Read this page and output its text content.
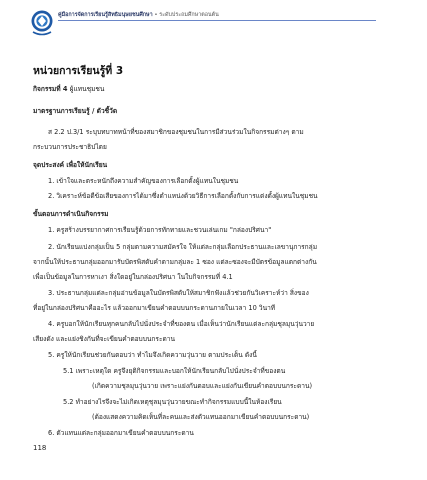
คู่มือการจัดการเรียนรู้สิทธิมนุษยชนศึกษา • ระดับประถมศึกษาตอนต้น
หน่วยการเรียนรู้ที่ 3
กิจกรรมที่ 4 ผู้แทนชุมชน
มาตรฐานการเรียนรู้ / ตัวชี้วัด
ส 2.2 ป.3/1 ระบุบทบาทหน้าที่ของสมาชิกของชุมชนในการมีส่วนร่วมในกิจกรรมต่างๆ ตาม
กระบวนการประชาธิปไตย
จุดประสงค์ เพื่อให้นักเรียน
1. เข้าใจและตระหนักถึงความสำคัญของการเลือกตั้งผู้แทนในชุมชน
2. วิเคราะห์ข้อดีข้อเสียของการได้มาซึ่งตำแหน่งด้วยวิธีการเลือกตั้งกับการแต่งตั้งผู้แทนในชุมชน
ขั้นตอนการดำเนินกิจกรรม
1. ครูสร้างบรรยากาศการเรียนรู้ด้วยการทักทายและชวนเล่นเกม "กล่องปริศนา"
2. นักเรียนแบ่งกลุ่มเป็น 5 กลุ่มตามความสมัครใจ ให้แต่ละกลุ่มเลือกประธานและเลขานุการกลุ่ม
จากนั้นให้ประธานกลุ่มออกมารับบัตรพิสดับคำตามกลุ่มละ 1 ซอง แต่ละซองจะมีบัตรข้อมูลแตกต่างกัน
เพื่อเป็นข้อมูลในการหาเงา สิ่งใดอยู่ในกล่องปริศนา ในใบกิจกรรมที่ 4.1
3. ประธานกลุ่มแต่ละกลุ่มอ่านข้อมูลในบัตรพิสดับให้สมาชิกฟังแล้วช่วยกันวิเคราะห์ว่า สิ่งของ
ที่อยู่ในกล่องปริศนาคืออะไร แล้วออกมาเขียนคำตอบบนกระดานภายในเวลา 10 วินาที
4. ครูบอกให้นักเรียนทุกคนกลับไปนั่งประจำที่ของตน เมื่อเห็นว่านักเรียนแต่ละกลุ่มชุลมุนวุ่นวาย
เสียงดัง และแย่งชิงกันที่จะเขียนคำตอบบนกระดาน
5. ครูให้นักเรียนช่วยกันตอบว่า ทำไมจึงเกิดความวุ่นวาย ตามประเด็น ดังนี้
5.1 เพราะเหตุใด ครูจึงยุติกิจกรรมและบอกให้นักเรียนกลับไปนั่งประจำที่ของตน
(เกิดความชุลมุนวุ่นวาย เพราะแย่งกันตอบและแย่งกันเขียนคำตอบบนกระดาน)
5.2 ทำอย่างไรจึงจะไม่เกิดเหตุชุลมุนวุ่นวายขณะทำกิจกรรมแบบนี้ในห้องเรียน
(ต้องแสดงความคิดเห็นที่ละคนและส่งตัวแทนออกมาเขียนคำตอบบนกระดาน)
6. ตัวแทนแต่ละกลุ่มออกมาเขียนคำตอบบนกระดาน
118
